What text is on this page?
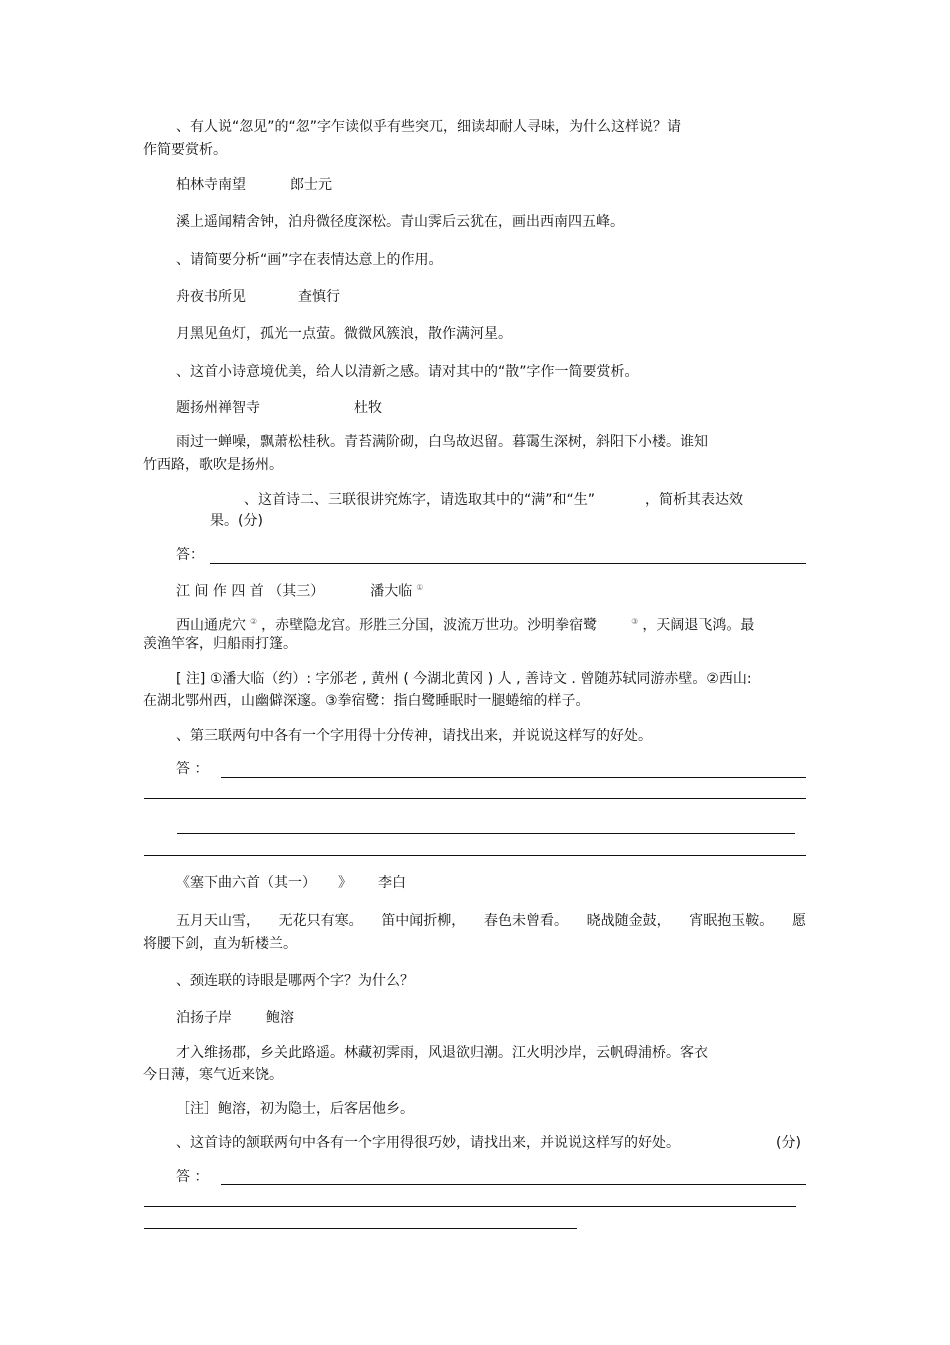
、有人说“忽见”的“忽”字乍读似乎有些突兀，细读却耐人寻味，为什么这样说？请
作简要赏析。
柏林寺南望	郎士元
溪上遥闻精舍钟，泊舟微径度深松。青山霁后云犹在，画出西南四五峰。
、请简要分析“画”字在表情达意上的作用。
舟夜书所见	查慎行
月黑见鱼灯，孤光一点萤。微微风簇浪，散作满河星。
、这首小诗意境优美，给人以清新之感。请对其中的“散”字作一简要赏析。
题扬州禅智寺	杜牧
雨过一蝉噪，飘萧松桂秋。青苔满阶砌，白鸟故迟留。暮霭生深树，斜阳下小楼。谁知
竹西路，歌吹是扬州。
、这首诗二、三联很讲究炼字，请选取其中的“满”和“生”	，简析其表达效
果。(分)
答：
江 间 作 四 首 （其三）	潘大临 ①
西山通虎穴 ② ，赤壁隐龙宫。形胜三分国，波流万世功。沙明拳宿鹭	③ ，天阔退飞鸿。最
羡渔竿客，归船雨打篷。
[ 注] ①潘大临（约）: 字邠老 , 黄州 ( 今湖北黄冈 ) 人 , 善诗文 . 曾随苏轼同游赤壁。②西山:
在湖北鄂州西，山幽僻深邃。③拳宿鹭：指白鹭睡眠时一腿蜷缩的样子。
、第三联两句中各有一个字用得十分传神，请找出来，并说说这样写的好处。
答 ：
《塞下曲六首（其一） 》 李白
五月天山雪， 无花只有寒。 笛中闻折柳， 春色未曾看。 晓战随金鼓， 宵眠抱玉鞍。 愿
将腰下剑，直为斩楼兰。
、颈连联的诗眼是哪两个字？为什么？
泊扬子岸 鲍溶
才入维扬郡，乡关此路遥。林藏初霁雨，风退欲归潮。江火明沙岸，云帆碍浦桥。客衣
今日薄，寒气近来饶。
［注］鲍溶，初为隐士，后客居他乡。
、这首诗的颔联两句中各有一个字用得很巧妙，请找出来，并说说这样写的好处。	(分)
答 ：
